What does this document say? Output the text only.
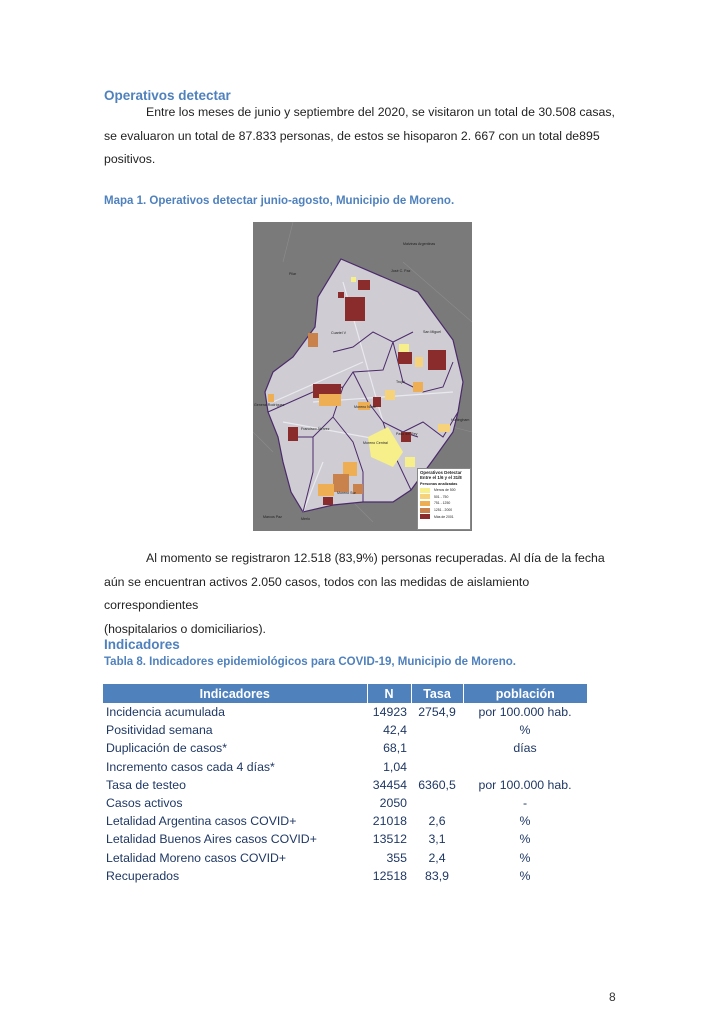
Operativos detectar
Entre los meses de junio y septiembre del 2020, se visitaron un total de 30.508 casas,
se evaluaron un total de 87.833 personas, de estos se hisoparon 2. 667 con un total de895
positivos.
Mapa 1. Operativos detectar junio-agosto, Municipio de Moreno.
Malvinas Argentinas
Pilar
José C. Paz
San Miguel
Cuartel V
Trujui
General Rodríguez	Moreno Norte
Hurlingham
Paso del Rey
Francisco Álvarez
Moreno Central
Moreno Sur
Merlo
Marcos Paz
Operativos Detectar Entre el 1/6 y el 31/8
Personas analizadas
Menos de 500
501 - 750
751 - 1250
1251 - 2000
Más de 2001
Al momento se registraron 12.518 (83,9%) personas recuperadas. Al día de la fecha
aún se encuentran activos 2.050 casos, todos con las medidas de aislamiento correspondientes
(hospitalarios o domiciliarios).
Indicadores
Tabla 8. Indicadores epidemiológicos para COVID-19, Municipio de Moreno.
Indicadores	N	Tasa	población
Incidencia acumulada	14923	2754,9	por 100.000 hab.
Positividad semana	42,4		%
Duplicación de casos*	68,1		días
Incremento casos cada 4 días*	1,04		
Tasa de testeo	34454	6360,5	por 100.000 hab.
Casos activos	2050		-
Letalidad Argentina casos COVID+	21018	2,6	%
Letalidad Buenos Aires casos COVID+	13512	3,1	%
Letalidad Moreno casos COVID+	355	2,4	%
Recuperados	12518	83,9	%
8
